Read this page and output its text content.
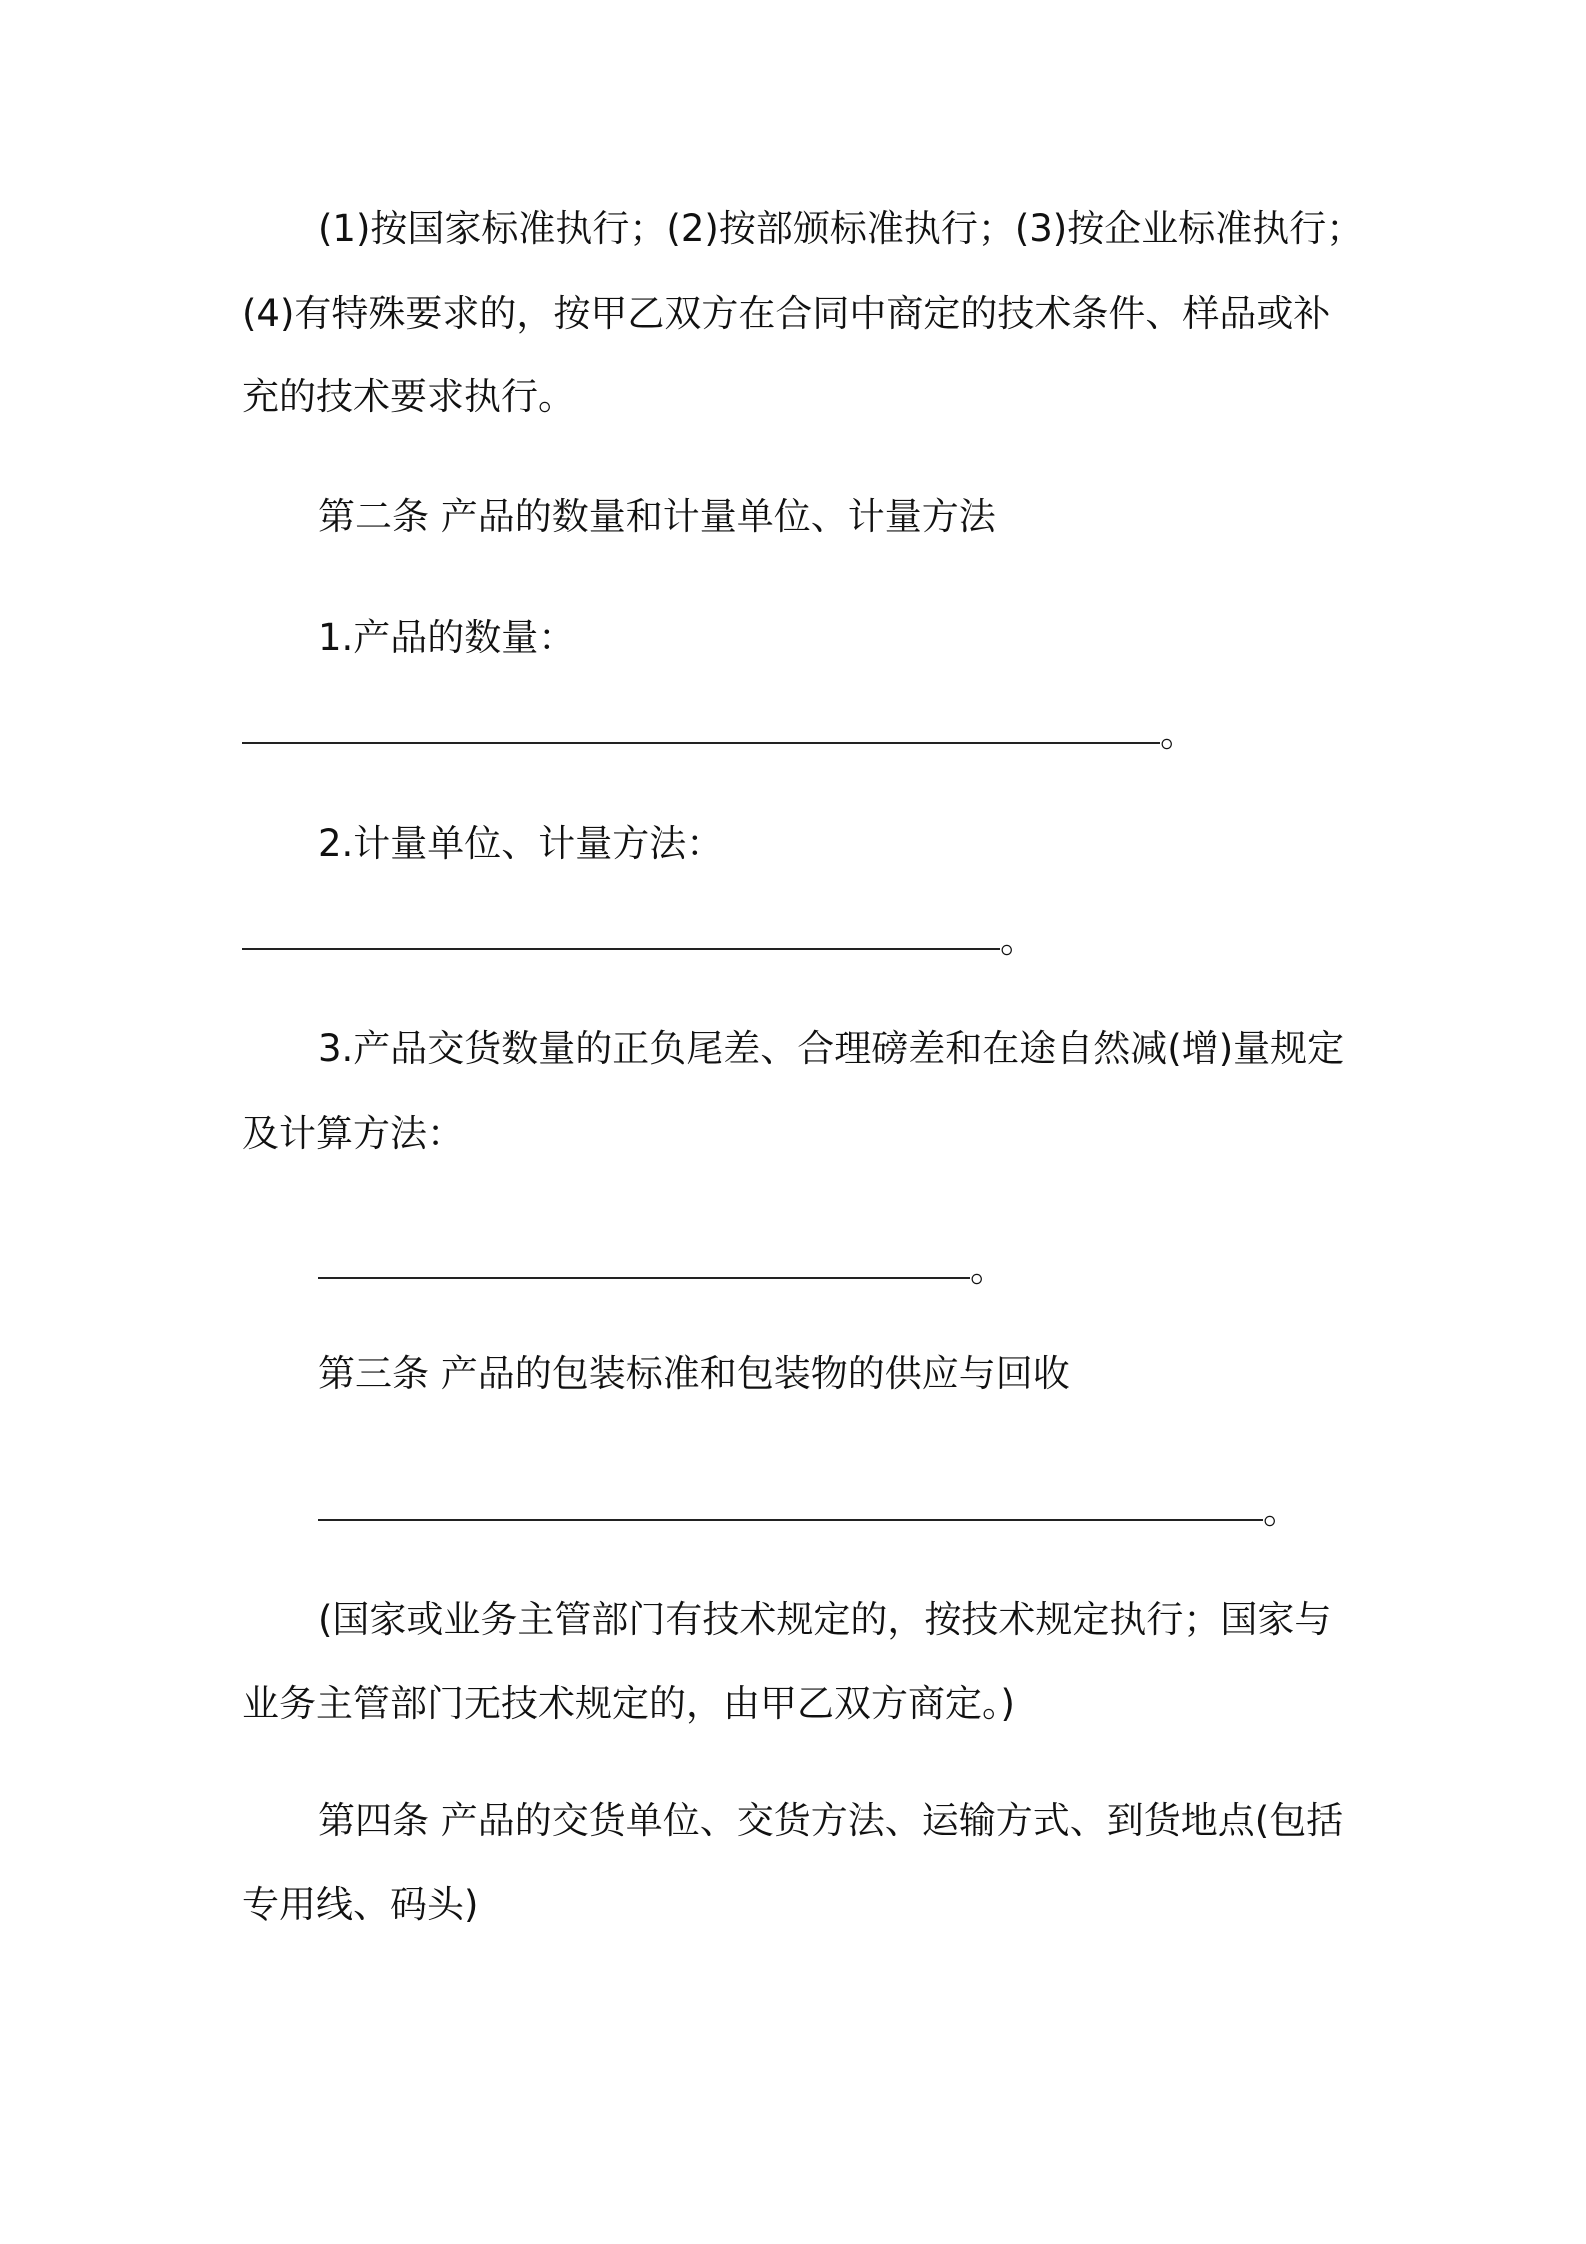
(1)按国家标准执行；(2)按部颁标准执行；(3)按企业标准执行；
(4)有特殊要求的，按甲乙双方在合同中商定的技术条件、样品或补
充的技术要求执行。
第二条 产品的数量和计量单位、计量方法
1.产品的数量：
。
2.计量单位、计量方法：
。
3.产品交货数量的正负尾差、合理磅差和在途自然减(增)量规定
及计算方法：
。
第三条 产品的包装标准和包装物的供应与回收
。
(国家或业务主管部门有技术规定的，按技术规定执行；国家与
业务主管部门无技术规定的，由甲乙双方商定。)
第四条 产品的交货单位、交货方法、运输方式、到货地点(包括
专用线、码头)
